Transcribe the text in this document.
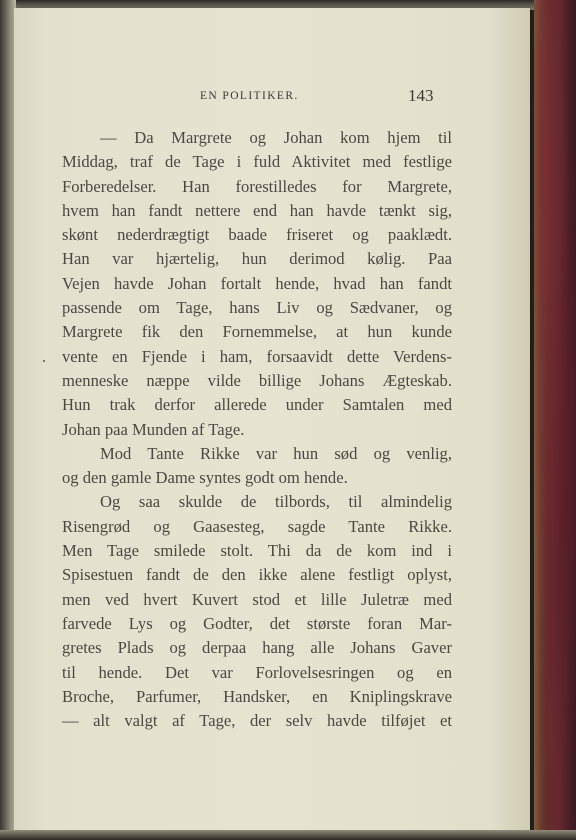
EN POLITIKER.	143
— Da Margrete og Johan kom hjem til
Middag, traf de Tage i fuld Aktivitet med festlige
Forberedelser. Han forestilledes for Margrete,
hvem han fandt nettere end han havde tænkt sig,
skønt nederdrægtigt baade friseret og paaklædt.
Han var hjærtelig, hun derimod kølig. Paa
Vejen havde Johan fortalt hende, hvad han fandt
passende om Tage, hans Liv og Sædvaner, og
Margrete fik den Fornemmelse, at hun kunde
vente en Fjende i ham, forsaavidt dette Verdens-
menneske næppe vilde billige Johans Ægteskab.
Hun trak derfor allerede under Samtalen med
Johan paa Munden af Tage.
Mod Tante Rikke var hun sød og venlig,
og den gamle Dame syntes godt om hende.
Og saa skulde de tilbords, til almindelig
Risengrød og Gaasesteg, sagde Tante Rikke.
Men Tage smilede stolt. Thi da de kom ind i
Spisestuen fandt de den ikke alene festligt oplyst,
men ved hvert Kuvert stod et lille Juletræ med
farvede Lys og Godter, det største foran Mar-
gretes Plads og derpaa hang alle Johans Gaver
til hende. Det var Forlovelsesringen og en
Broche, Parfumer, Handsker, en Kniplingskrave
— alt valgt af Tage, der selv havde tilføjet et
